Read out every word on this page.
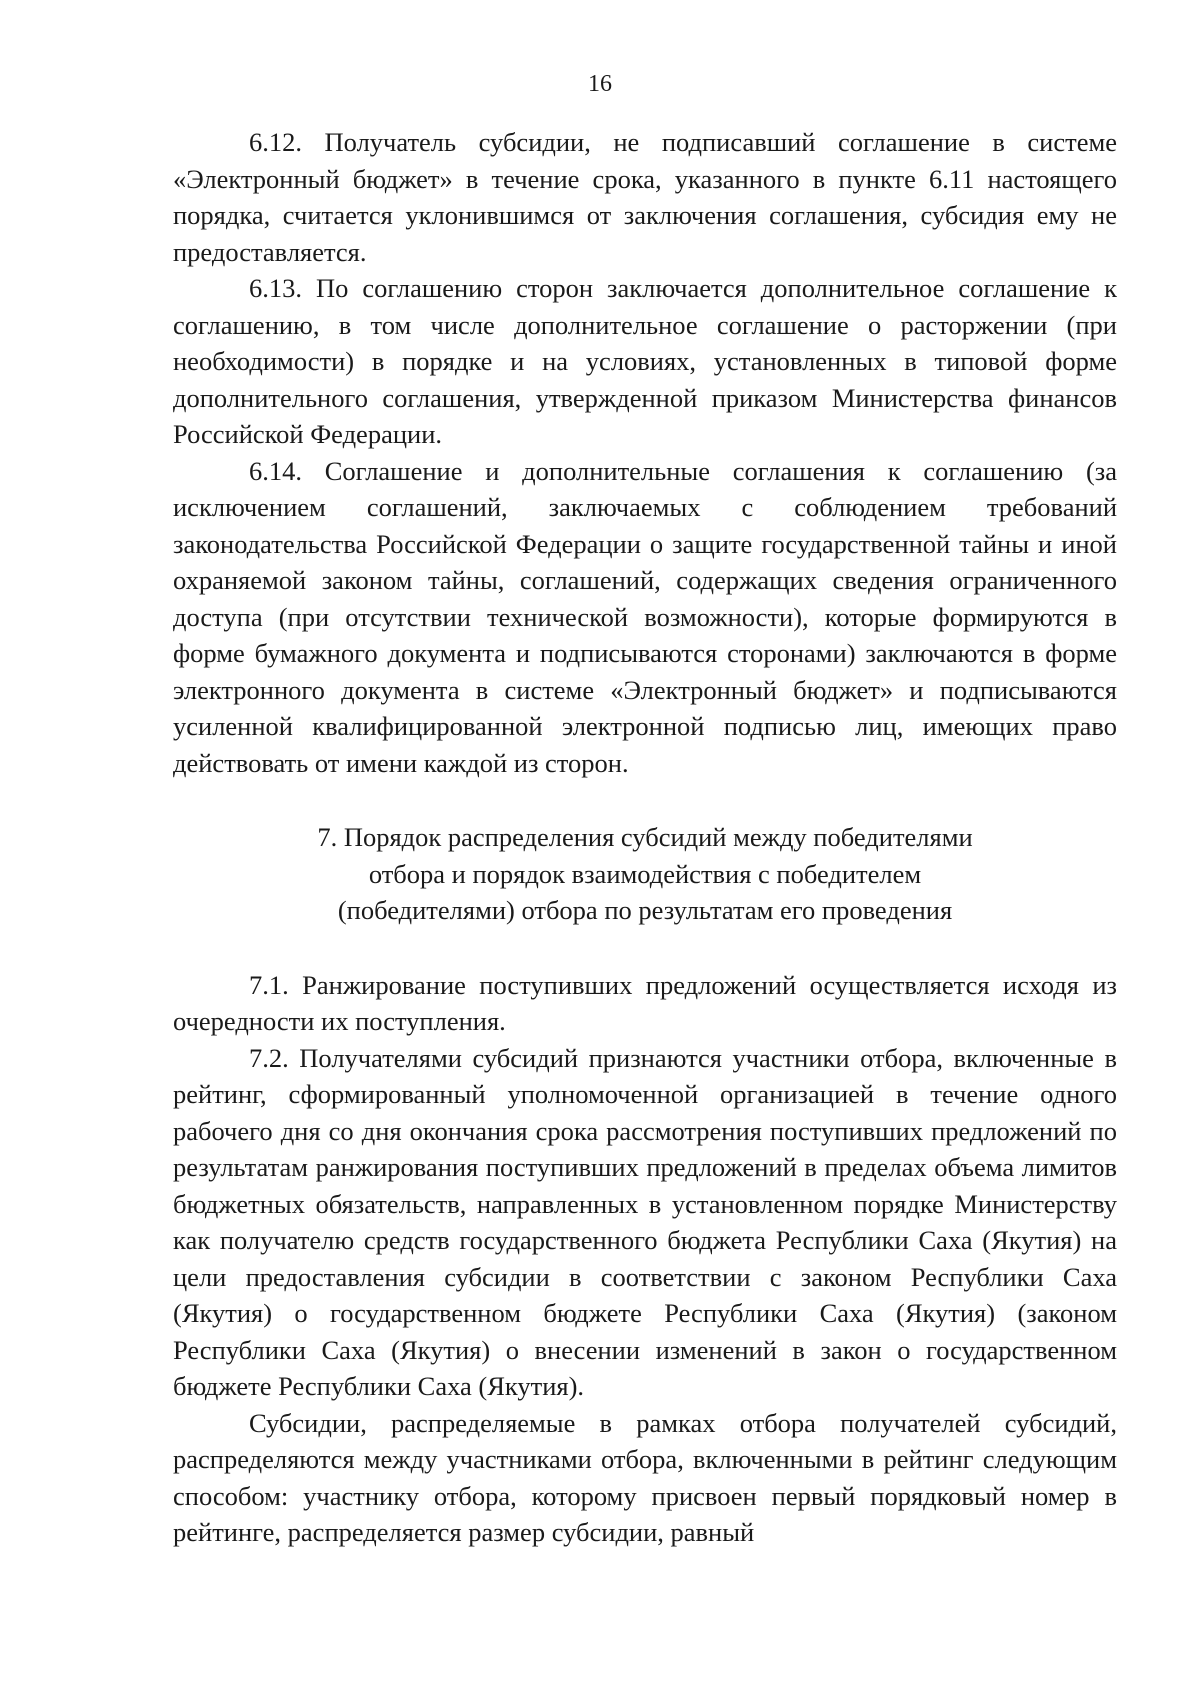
16

6.12. Получатель субсидии, не подписавший соглашение в системе «Электронный бюджет» в течение срока, указанного в пункте 6.11 настоящего порядка, считается уклонившимся от заключения соглашения, субсидия ему не предоставляется.

6.13. По соглашению сторон заключается дополнительное соглашение к соглашению, в том числе дополнительное соглашение о расторжении (при необходимости) в порядке и на условиях, установленных в типовой форме дополнительного соглашения, утвержденной приказом Министерства финансов Российской Федерации.

6.14. Соглашение и дополнительные соглашения к соглашению (за исключением соглашений, заключаемых с соблюдением требований законодательства Российской Федерации о защите государственной тайны и иной охраняемой законом тайны, соглашений, содержащих сведения ограниченного доступа (при отсутствии технической возможности), которые формируются в форме бумажного документа и подписываются сторонами) заключаются в форме электронного документа в системе «Электронный бюджет» и подписываются усиленной квалифицированной электронной подписью лиц, имеющих право действовать от имени каждой из сторон.

7. Порядок распределения субсидий между победителями
отбора и порядок взаимодействия с победителем
(победителями) отбора по результатам его проведения

7.1. Ранжирование поступивших предложений осуществляется исходя из очередности их поступления.

7.2. Получателями субсидий признаются участники отбора, включенные в рейтинг, сформированный уполномоченной организацией в течение одного рабочего дня со дня окончания срока рассмотрения поступивших предложений по результатам ранжирования поступивших предложений в пределах объема лимитов бюджетных обязательств, направленных в установленном порядке Министерству как получателю средств государственного бюджета Республики Саха (Якутия) на цели предоставления субсидии в соответствии с законом Республики Саха (Якутия) о государственном бюджете Республики Саха (Якутия) (законом Республики Саха (Якутия) о внесении изменений в закон о государственном бюджете Республики Саха (Якутия).

Субсидии, распределяемые в рамках отбора получателей субсидий, распределяются между участниками отбора, включенными в рейтинг следующим способом: участнику отбора, которому присвоен первый порядковый номер в рейтинге, распределяется размер субсидии, равный
